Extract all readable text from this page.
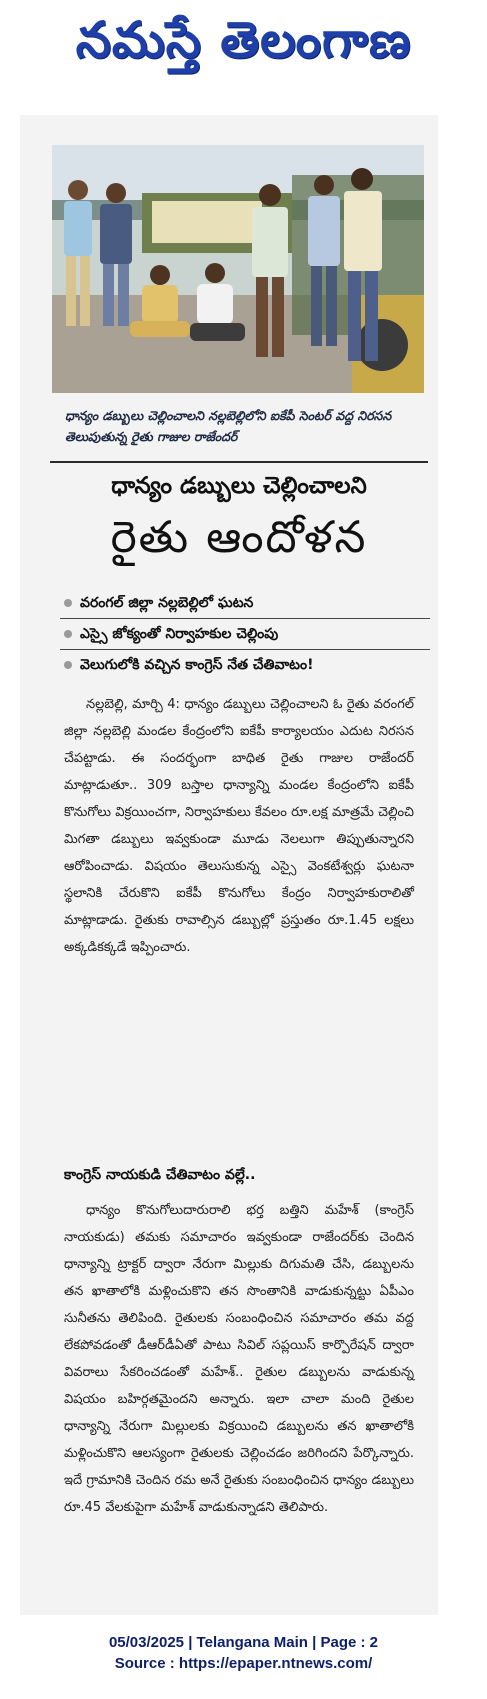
నమస్తే తెలంగాణ
ధాన్యం డబ్బులు చెల్లించాలని నల్లబెల్లిలోని ఐకేపీ సెంటర్ వద్ద నిరసన తెలుపుతున్న రైతు గాజుల రాజేందర్
ధాన్యం డబ్బులు చెల్లించాలని
రైతు ఆందోళన
వరంగల్ జిల్లా నల్లబెల్లిలో ఘటన
ఎస్సై జోక్యంతో నిర్వాహకుల చెల్లింపు
వెలుగులోకి వచ్చిన కాంగ్రెస్ నేత చేతివాటం!

నల్లబెల్లి, మార్చి 4: ధాన్యం డబ్బులు చెల్లించాలని ఓ రైతు వరంగల్ జిల్లా నల్లబెల్లి మండల కేంద్రంలోని ఐకేపీ కార్యాలయం ఎదుట నిరసన చేపట్టాడు. ఈ సందర్భంగా బాధిత రైతు గాజుల రాజేందర్ మాట్లాడుతూ.. 309 బస్తాల ధాన్యాన్ని మండల కేంద్రంలోని ఐకేపీ కొనుగోలు విక్రయించగా, నిర్వాహకులు కేవలం రూ.లక్ష మాత్రమే చెల్లించి మిగతా డబ్బులు ఇవ్వకుండా మూడు నెలలుగా తిప్పుతున్నారని ఆరోపించాడు. విషయం తెలుసుకున్న ఎస్సై వెంకటేశ్వర్లు ఘటనా స్థలానికి చేరుకొని ఐకేపీ కొనుగోలు కేంద్రం నిర్వాహకురాలితో మాట్లాడాడు. రైతుకు రావాల్సిన డబ్బుల్లో ప్రస్తుతం రూ.1.45 లక్షలు అక్కడికక్కడే ఇప్పించారు.

కాంగ్రెస్ నాయకుడి చేతివాటం వల్లే..

ధాన్యం కొనుగోలుదారురాలి భర్త బత్తిని మహేశ్ (కాంగ్రెస్ నాయకుడు) తమకు సమాచారం ఇవ్వకుండా రాజేందర్‌కు చెందిన ధాన్యాన్ని ట్రాక్టర్ ద్వారా నేరుగా మిల్లుకు దిగుమతి చేసి, డబ్బులను తన ఖాతాలోకి మళ్లించుకొని తన సొంతానికి వాడుకున్నట్టు ఏపీఎం సునీతను తెలిపింది. రైతులకు సంబంధించిన సమాచారం తమ వద్ద లేకపోవడంతో డీఆర్‌డీఏతో పాటు సివిల్ సప్లయిస్ కార్పొరేషన్ ద్వారా వివరాలు సేకరించడంతో మహేశ్.. రైతుల డబ్బులను వాడుకున్న విషయం బహిర్గతమైందని అన్నారు. ఇలా చాలా మంది రైతుల ధాన్యాన్ని నేరుగా మిల్లులకు విక్రయించి డబ్బులను తన ఖాతాలోకి మళ్లించుకొని ఆలస్యంగా రైతులకు చెల్లించడం జరిగిందని పేర్కొన్నారు. ఇదే గ్రామానికి చెందిన రమ అనే రైతుకు సంబంధించిన ధాన్యం డబ్బులు రూ.45 వేలకుపైగా మహేశ్ వాడుకున్నాడని తెలిపారు.

05/03/2025 | Telangana Main | Page : 2
Source : https://epaper.ntnews.com/
